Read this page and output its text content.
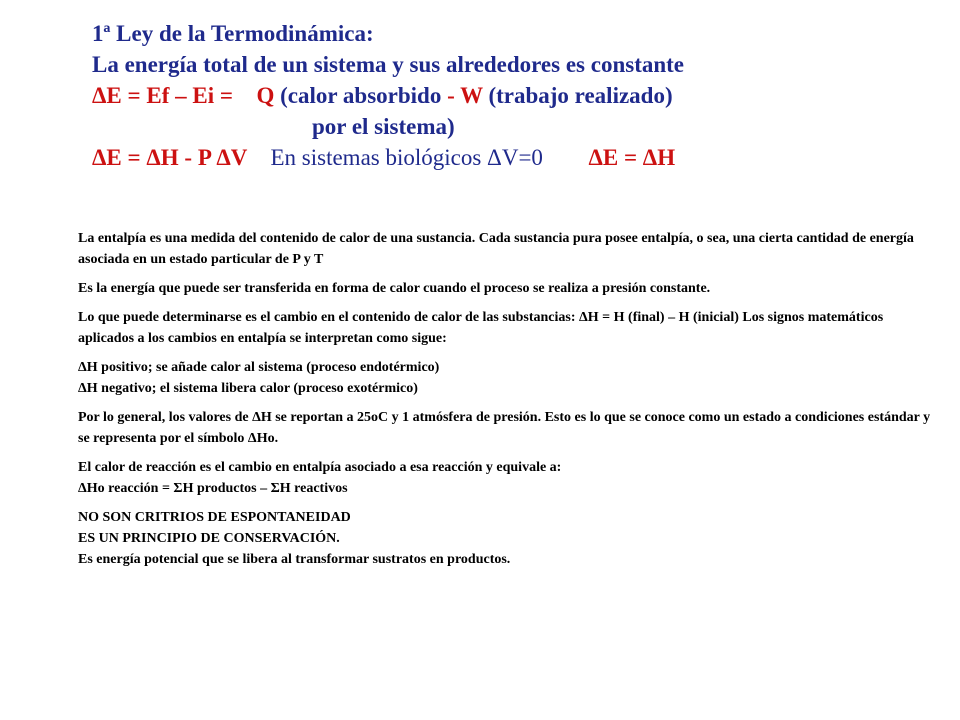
1ª Ley de la Termodinámica:
La energía total de un sistema y sus alrededores es constante
ΔE = Ef – Ei = Q (calor absorbido - W (trabajo realizado)
por el sistema)
ΔE = ΔH - P ΔV En sistemas biológicos ΔV=0 ΔE = ΔH

La entalpía es una medida del contenido de calor de una sustancia. Cada sustancia pura posee entalpía, o sea, una cierta cantidad de energía asociada en un estado particular de P y T

Es la energía que puede ser transferida en forma de calor cuando el proceso se realiza a presión constante.

Lo que puede determinarse es el cambio en el contenido de calor de las substancias: ΔH = H (final) – H (inicial) Los signos matemáticos aplicados a los cambios en entalpía se interpretan como sigue:

ΔH positivo; se añade calor al sistema (proceso endotérmico)

ΔH negativo; el sistema libera calor (proceso exotérmico)

Por lo general, los valores de ΔH se reportan a 25oC y 1 atmósfera de presión. Esto es lo que se conoce como un estado a condiciones estándar y se representa por el símbolo ΔHo.

El calor de reacción es el cambio en entalpía asociado a esa reacción y equivale a:

ΔHo reacción = ΣH productos – ΣH reactivos

NO SON CRITRIOS DE ESPONTANEIDAD

ES UN PRINCIPIO DE CONSERVACIÓN.

Es energía potencial que se libera al transformar sustratos en productos.
